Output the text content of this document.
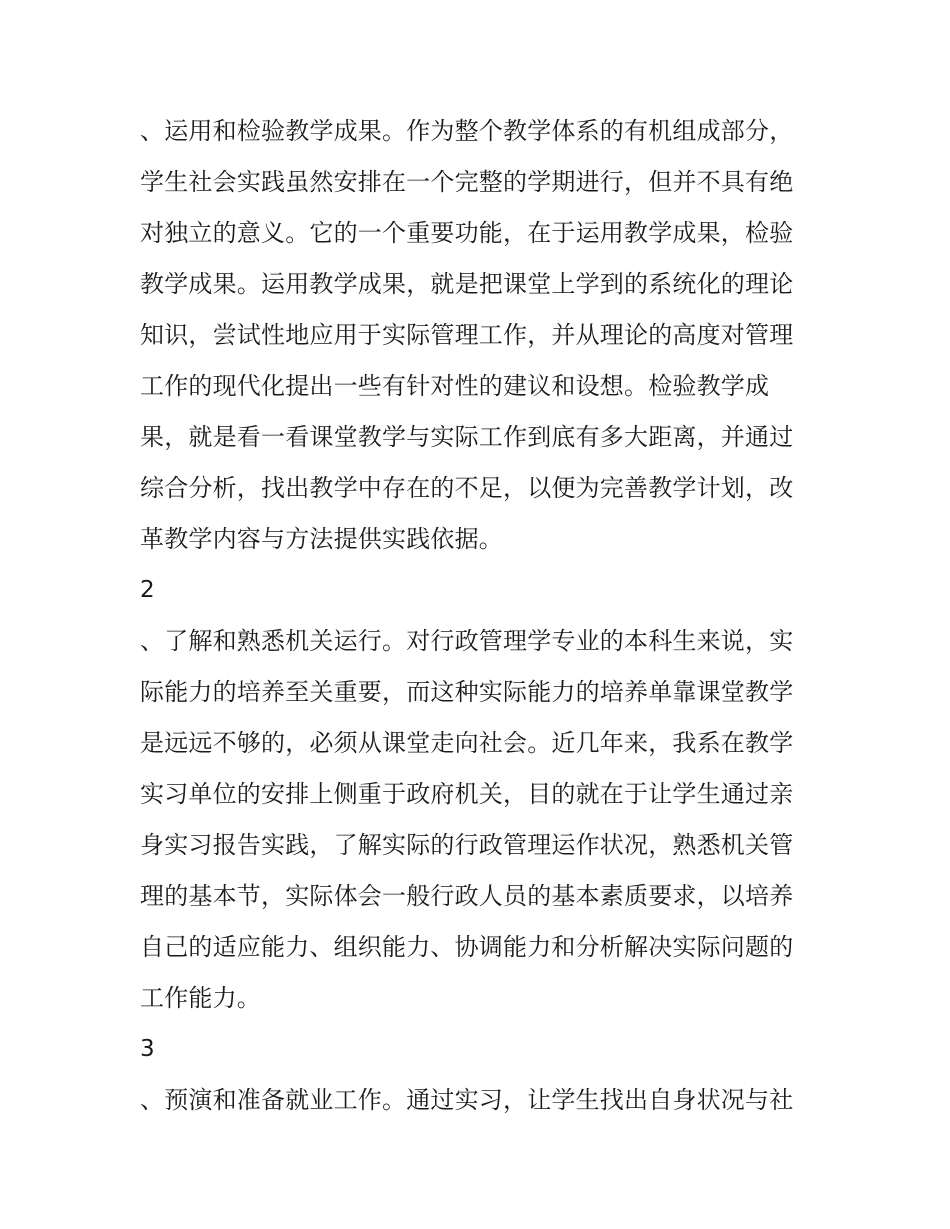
、运用和检验教学成果。作为整个教学体系的有机组成部分，
学生社会实践虽然安排在一个完整的学期进行，但并不具有绝
对独立的意义。它的一个重要功能，在于运用教学成果，检验
教学成果。运用教学成果，就是把课堂上学到的系统化的理论
知识，尝试性地应用于实际管理工作，并从理论的高度对管理
工作的现代化提出一些有针对性的建议和设想。检验教学成
果，就是看一看课堂教学与实际工作到底有多大距离，并通过
综合分析，找出教学中存在的不足，以便为完善教学计划，改
革教学内容与方法提供实践依据。
2
、了解和熟悉机关运行。对行政管理学专业的本科生来说，实
际能力的培养至关重要，而这种实际能力的培养单靠课堂教学
是远远不够的，必须从课堂走向社会。近几年来，我系在教学
实习单位的安排上侧重于政府机关，目的就在于让学生通过亲
身实习报告实践，了解实际的行政管理运作状况，熟悉机关管
理的基本节，实际体会一般行政人员的基本素质要求，以培养
自己的适应能力、组织能力、协调能力和分析解决实际问题的
工作能力。
3
、预演和准备就业工作。通过实习，让学生找出自身状况与社
